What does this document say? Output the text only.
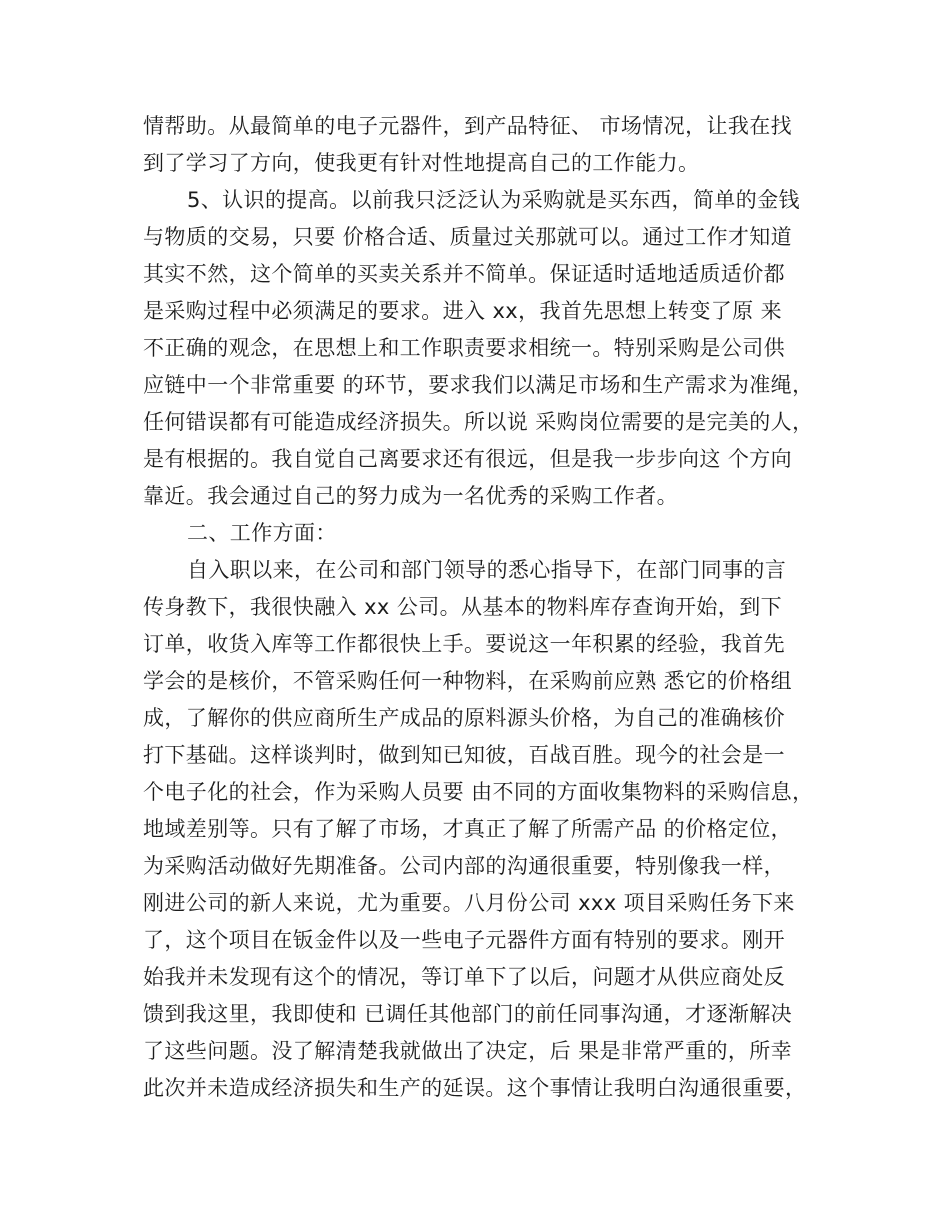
情帮助。从最简单的电子元器件，到产品特征、 市场情况，让我在找
到了学习了方向，使我更有针对性地提高自己的工作能力。
5、认识的提高。以前我只泛泛认为采购就是买东西，简单的金钱
与物质的交易，只要 价格合适、质量过关那就可以。通过工作才知道
其实不然，这个简单的买卖关系并不简单。保证适时适地适质适价都
是采购过程中必须满足的要求。进入 xx，我首先思想上转变了原 来
不正确的观念，在思想上和工作职责要求相统一。特别采购是公司供
应链中一个非常重要 的环节，要求我们以满足市场和生产需求为准绳，
任何错误都有可能造成经济损失。所以说 采购岗位需要的是完美的人，
是有根据的。我自觉自己离要求还有很远，但是我一步步向这 个方向
靠近。我会通过自己的努力成为一名优秀的采购工作者。
二、工作方面：
自入职以来，在公司和部门领导的悉心指导下，在部门同事的言
传身教下，我很快融入 xx 公司。从基本的物料库存查询开始，到下
订单，收货入库等工作都很快上手。要说这一年积累的经验，我首先
学会的是核价，不管采购任何一种物料，在采购前应熟 悉它的价格组
成，了解你的供应商所生产成品的原料源头价格，为自己的准确核价
打下基础。这样谈判时，做到知已知彼，百战百胜。现今的社会是一
个电子化的社会，作为采购人员要 由不同的方面收集物料的采购信息，
地域差别等。只有了解了市场，才真正了解了所需产品 的价格定位，
为采购活动做好先期准备。公司内部的沟通很重要，特别像我一样，
刚进公司的新人来说，尤为重要。八月份公司 xxx 项目采购任务下来
了，这个项目在钣金件以及一些电子元器件方面有特别的要求。刚开
始我并未发现有这个的情况，等订单下了以后，问题才从供应商处反
馈到我这里，我即使和 已调任其他部门的前任同事沟通，才逐渐解决
了这些问题。没了解清楚我就做出了决定，后 果是非常严重的，所幸
此次并未造成经济损失和生产的延误。这个事情让我明白沟通很重要，
